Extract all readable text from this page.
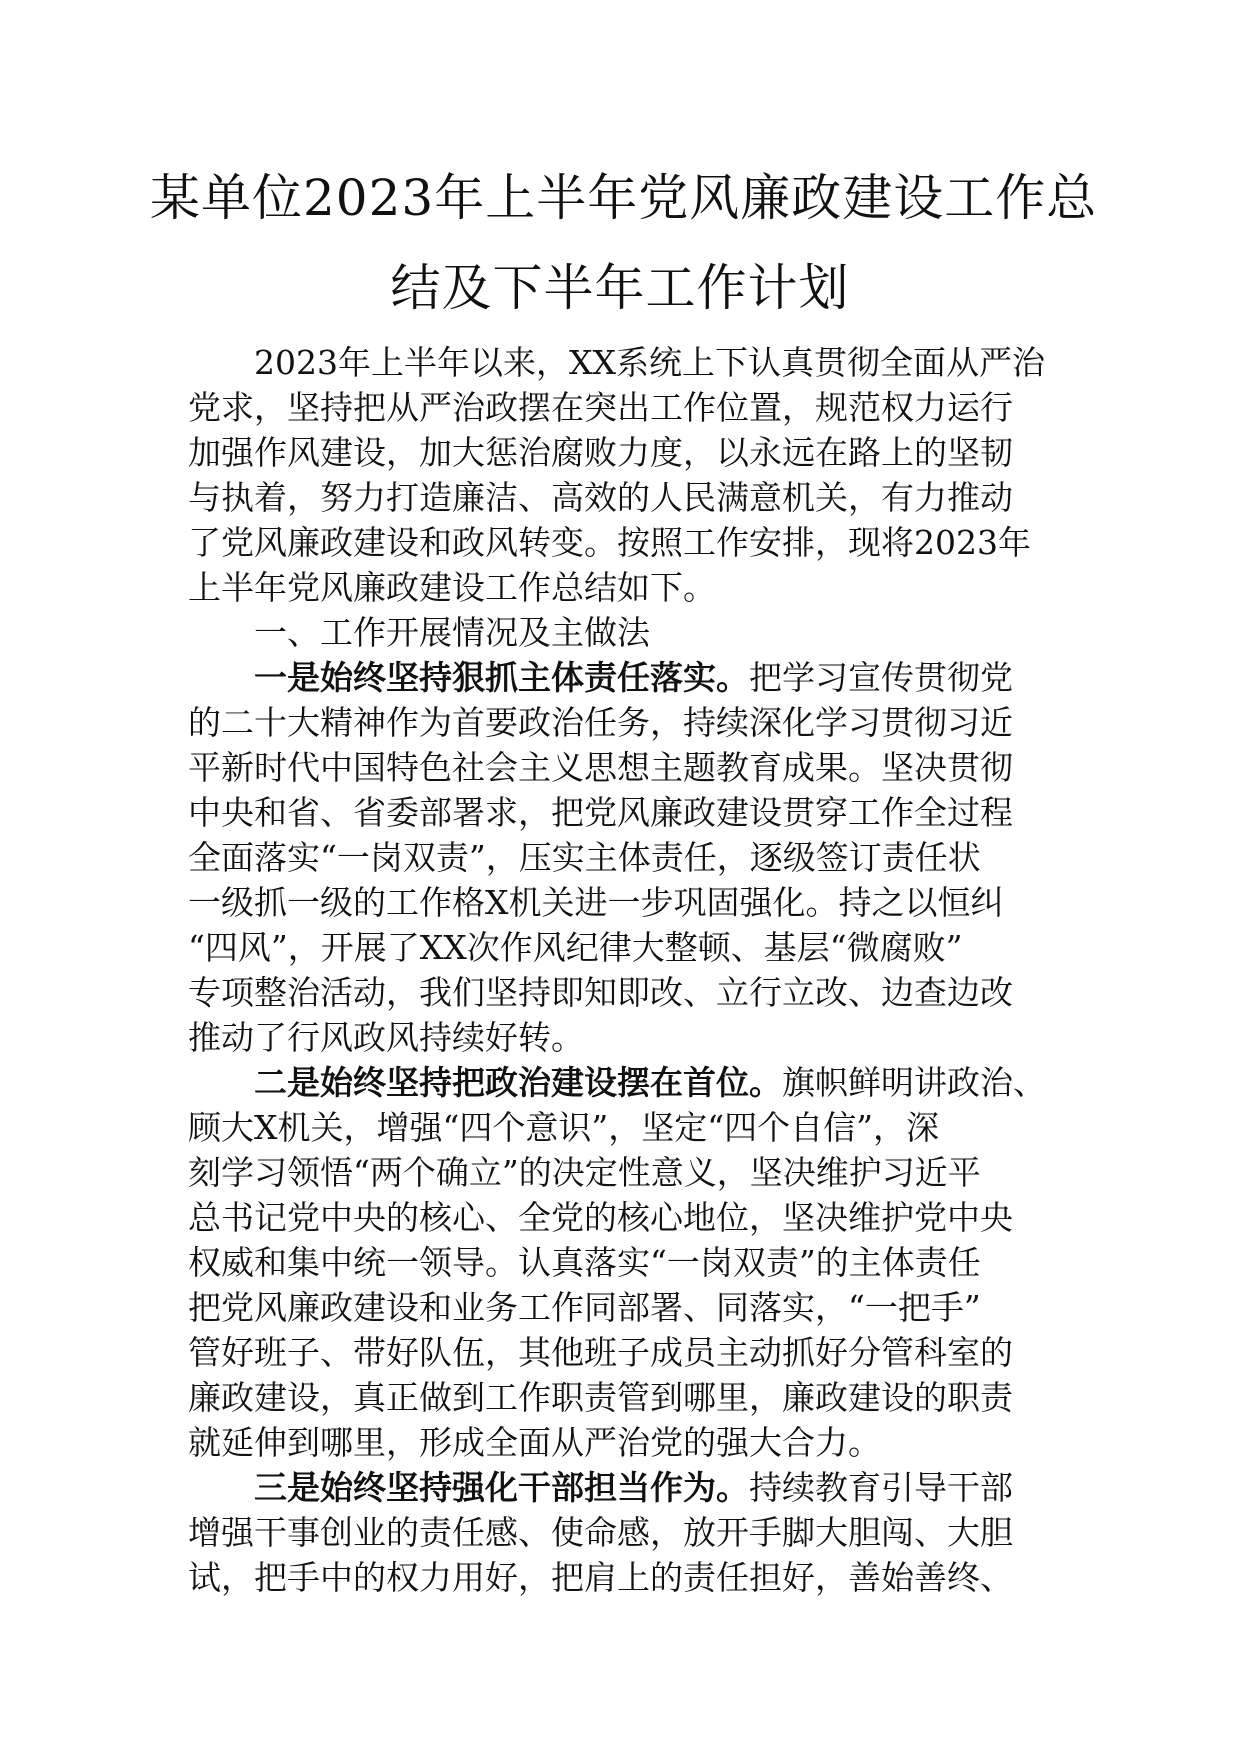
某单位2023年上半年党风廉政建设工作总
结及下半年工作计划
2023年上半年以来，XX系统上下认真贯彻全面从严治
党求，坚持把从严治政摆在突出工作位置，规范权力运行
加强作风建设，加大惩治腐败力度，以永远在路上的坚韧
与执着，努力打造廉洁、高效的人民满意机关，有力推动
了党风廉政建设和政风转变。按照工作安排，现将2023年
上半年党风廉政建设工作总结如下。
一、工作开展情况及主做法
一是始终坚持狠抓主体责任落实。把学习宣传贯彻党
的二十大精神作为首要政治任务，持续深化学习贯彻习近
平新时代中国特色社会主义思想主题教育成果。坚决贯彻
中央和省、省委部署求，把党风廉政建设贯穿工作全过程
全面落实“一岗双责”，压实主体责任，逐级签订责任状
一级抓一级的工作格X机关进一步巩固强化。持之以恒纠
“四风”，开展了XX次作风纪律大整顿、基层“微腐败”
专项整治活动，我们坚持即知即改、立行立改、边查边改
推动了行风政风持续好转。
二是始终坚持把政治建设摆在首位。旗帜鲜明讲政治、
顾大X机关，增强“四个意识”，坚定“四个自信”，深
刻学习领悟“两个确立”的决定性意义，坚决维护习近平
总书记党中央的核心、全党的核心地位，坚决维护党中央
权威和集中统一领导。认真落实“一岗双责”的主体责任
把党风廉政建设和业务工作同部署、同落实，“一把手”
管好班子、带好队伍，其他班子成员主动抓好分管科室的
廉政建设，真正做到工作职责管到哪里，廉政建设的职责
就延伸到哪里，形成全面从严治党的强大合力。
三是始终坚持强化干部担当作为。持续教育引导干部
增强干事创业的责任感、使命感，放开手脚大胆闯、大胆
试，把手中的权力用好，把肩上的责任担好，善始善终、
